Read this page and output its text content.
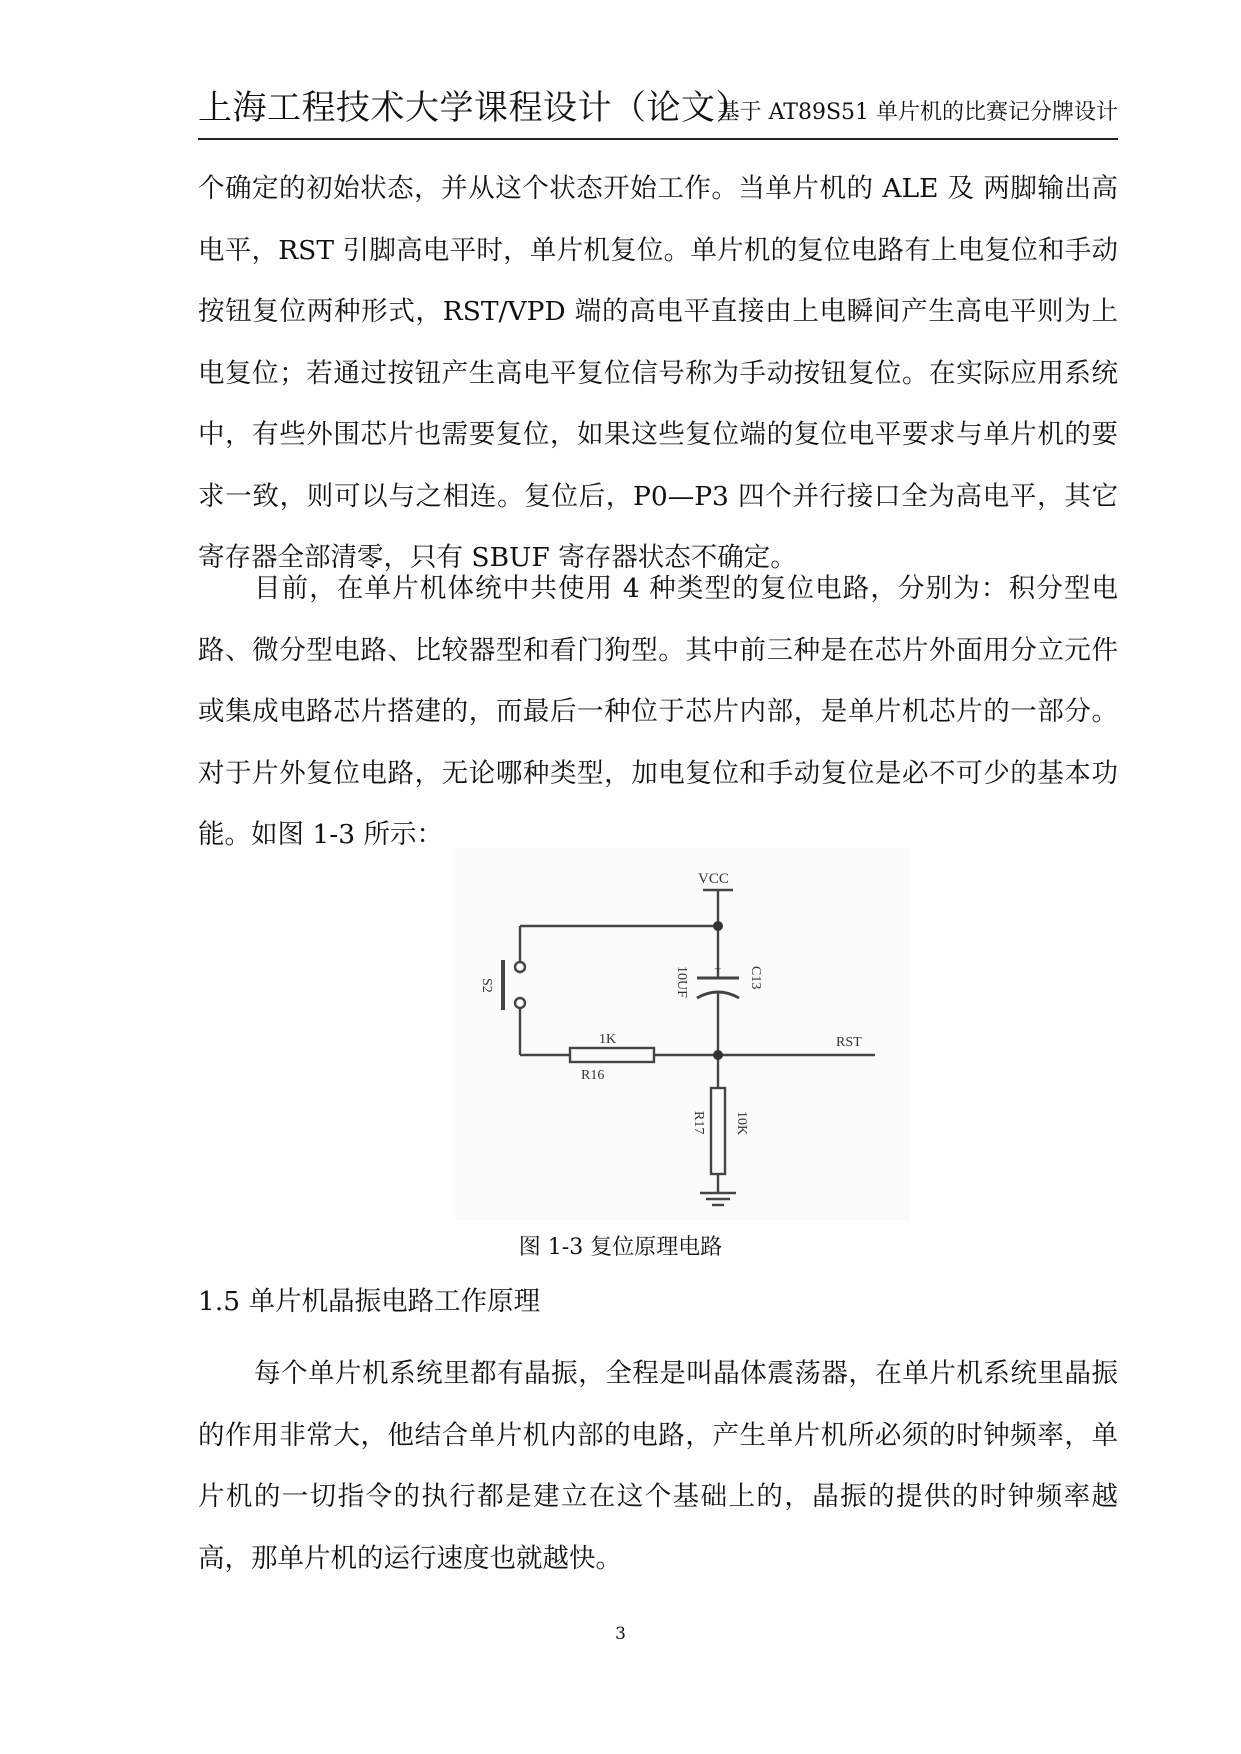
上海工程技术大学课程设计（论文）
基于 AT89S51 单片机的比赛记分牌设计

个确定的初始状态，并从这个状态开始工作。当单片机的 ALE 及 两脚输出高电平，RST 引脚高电平时，单片机复位。单片机的复位电路有上电复位和手动按钮复位两种形式，RST/VPD 端的高电平直接由上电瞬间产生高电平则为上电复位；若通过按钮产生高电平复位信号称为手动按钮复位。在实际应用系统中，有些外围芯片也需要复位，如果这些复位端的复位电平要求与单片机的要求一致，则可以与之相连。复位后，P0—P3 四个并行接口全为高电平，其它寄存器全部清零，只有 SBUF 寄存器状态不确定。

目前，在单片机体统中共使用 4 种类型的复位电路，分别为：积分型电路、微分型电路、比较器型和看门狗型。其中前三种是在芯片外面用分立元件或集成电路芯片搭建的，而最后一种位于芯片内部，是单片机芯片的一部分。对于片外复位电路，无论哪种类型，加电复位和手动复位是必不可少的基本功能。如图 1-3 所示：

VCC
+ C13
10UF
S2
1K
R16
RST
R17 10K
图 1-3 复位原理电路
1.5 单片机晶振电路工作原理

每个单片机系统里都有晶振，全程是叫晶体震荡器，在单片机系统里晶振的作用非常大，他结合单片机内部的电路，产生单片机所必须的时钟频率，单片机的一切指令的执行都是建立在这个基础上的，晶振的提供的时钟频率越高，那单片机的运行速度也就越快。

3
